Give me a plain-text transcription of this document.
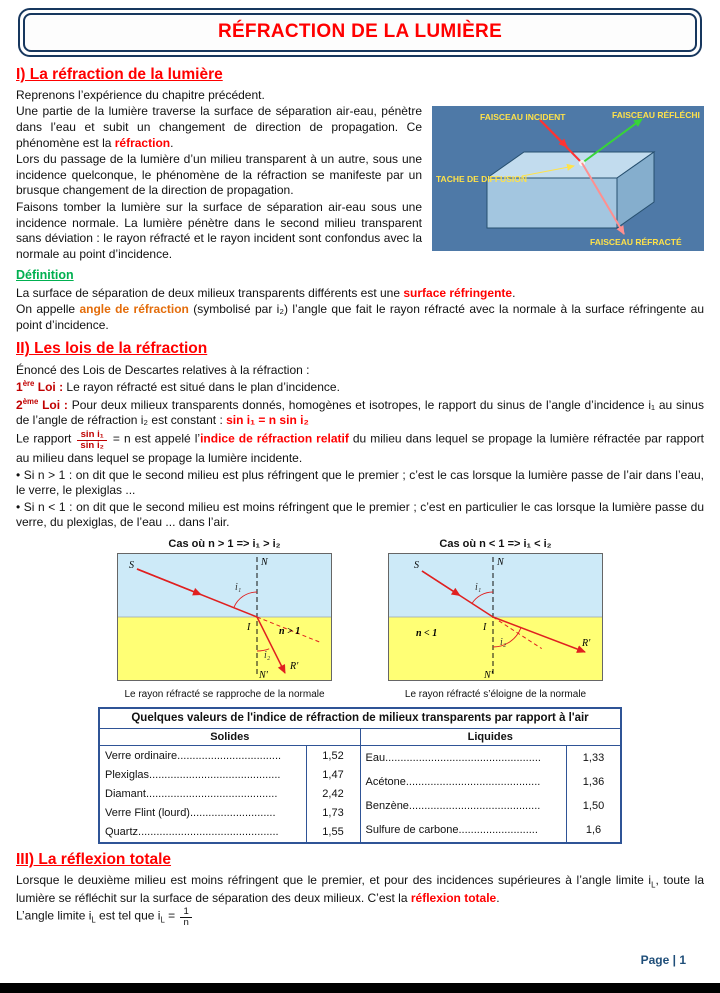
RÉFRACTION DE LA LUMIÈRE
I) La réfraction de la lumière

Reprenons l’expérience du chapitre précédent.

FAISCEAU INCIDENT	FAISCEAU RÉFLÉCHI
TACHE DE DIFFUSION
FAISCEAU RÉFRACTÉ

Une partie de la lumière traverse la surface de séparation air-eau, pénètre dans l’eau et subit un changement de direction de propagation. Ce phénomène est la réfraction.

Lors du passage de la lumière d’un milieu transparent à un autre, sous une incidence quelconque, le phénomène de la réfraction se manifeste par un brusque changement de la direction de propagation.

Faisons tomber la lumière sur la surface de séparation air-eau sous une incidence normale. La lumière pénètre dans le second milieu transparent sans déviation : le rayon réfracté et le rayon incident sont confondus avec la normale au point d’incidence.

Définition

La surface de séparation de deux milieux transparents différents est une surface réfringente.

On appelle angle de réfraction (symbolisé par i₂) l’angle que fait le rayon réfracté avec la normale à la surface réfringente au point d’incidence.

II) Les lois de la réfraction

Énoncé des Lois de Descartes relatives à la réfraction :

1ère Loi : Le rayon réfracté est situé dans le plan d’incidence.

2ème Loi : Pour deux milieux transparents donnés, homogènes et isotropes, le rapport du sinus de l’angle d’incidence i₁ au sinus de l’angle de réfraction i₂ est constant : sin i₁ = n sin i₂

Le rapport $\frac{\text{sin i₁}}{\text{sin i₂}} = n$ est appelé l’indice de réfraction relatif du milieu dans lequel se propage la lumière réfractée par rapport au milieu dans lequel se propage la lumière incidente.

• Si n > 1 : on dit que le second milieu est plus réfringent que le premier ; c’est le cas lorsque la lumière passe de l’air dans l’eau, le verre, le plexiglas ...

• Si n < 1 : on dit que le second milieu est moins réfringent que le premier ; c’est en particulier le cas lorsque la lumière passe du verre, du plexiglas, de l’eau ... dans l’air.

Cas où n > 1 => i₁ > i₂
S	N
N'
I
i₁
i₂
n > 1
R'
Le rayon réfracté se rapproche de la normale
Cas où n < 1 => i₁ < i₂
S	N
N'
I
i₁
i₂
n < 1
R'
Le rayon réfracté s’éloigne de la normale
Quelques valeurs de l'indice de réfraction de milieux transparents par rapport à l'air
Solides	Liquides
Verre ordinaire..................................	1,52
Plexiglas...........................................	1,47
Diamant...........................................	2,42
Verre Flint (lourd)............................	1,73
Quartz..............................................	1,55
Eau...................................................	1,33
Acétone............................................	1,36
Benzène...........................................	1,50
Sulfure de carbone..........................	1,6
III) La réflexion totale

Lorsque le deuxième milieu est moins réfringent que le premier, et pour des incidences supérieures à l’angle limite $i_L$, toute la lumière se réfléchit sur la surface de séparation des deux milieux. C’est la réflexion totale.

L’angle limite $i_L$ est tel que $i_L = \frac{1}{n}$

Page | 1
